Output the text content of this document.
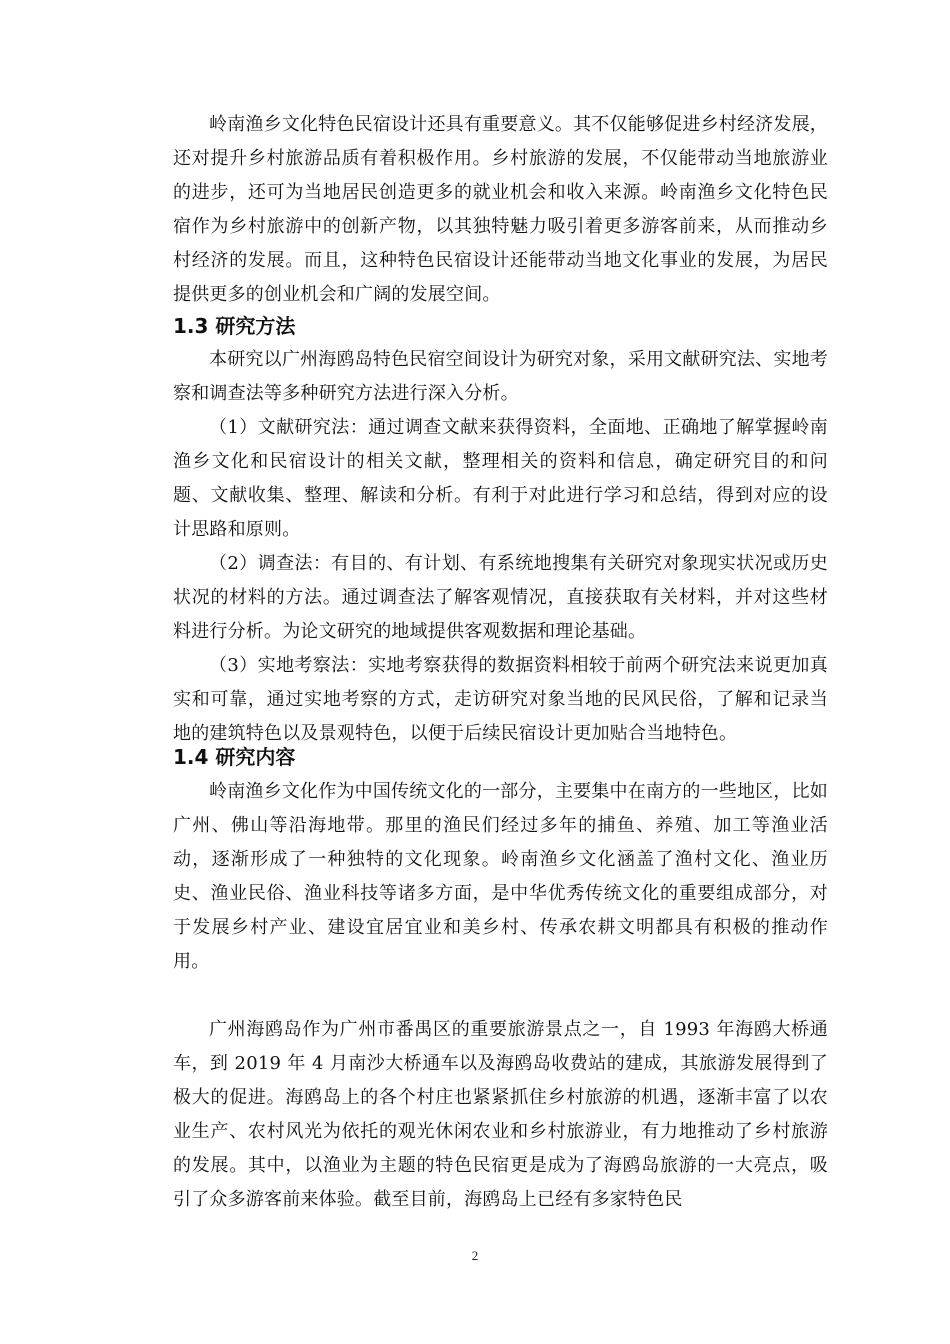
岭南渔乡文化特色民宿设计还具有重要意义。其不仅能够促进乡村经济发展，还对提升乡村旅游品质有着积极作用。乡村旅游的发展，不仅能带动当地旅游业的进步，还可为当地居民创造更多的就业机会和收入来源。岭南渔乡文化特色民宿作为乡村旅游中的创新产物，以其独特魅力吸引着更多游客前来，从而推动乡村经济的发展。而且，这种特色民宿设计还能带动当地文化事业的发展，为居民提供更多的创业机会和广阔的发展空间。

1.3 研究方法

本研究以广州海鸥岛特色民宿空间设计为研究对象，采用文献研究法、实地考察和调查法等多种研究方法进行深入分析。

（1）文献研究法：通过调查文献来获得资料，全面地、正确地了解掌握岭南渔乡文化和民宿设计的相关文献，整理相关的资料和信息，确定研究目的和问题、文献收集、整理、解读和分析。有利于对此进行学习和总结，得到对应的设计思路和原则。

（2）调查法：有目的、有计划、有系统地搜集有关研究对象现实状况或历史状况的材料的方法。通过调查法了解客观情况，直接获取有关材料，并对这些材料进行分析。为论文研究的地域提供客观数据和理论基础。

（3）实地考察法：实地考察获得的数据资料相较于前两个研究法来说更加真实和可靠，通过实地考察的方式，走访研究对象当地的民风民俗，了解和记录当地的建筑特色以及景观特色，以便于后续民宿设计更加贴合当地特色。

1.4 研究内容

岭南渔乡文化作为中国传统文化的一部分，主要集中在南方的一些地区，比如广州、佛山等沿海地带。那里的渔民们经过多年的捕鱼、养殖、加工等渔业活动，逐渐形成了一种独特的文化现象。岭南渔乡文化涵盖了渔村文化、渔业历史、渔业民俗、渔业科技等诸多方面，是中华优秀传统文化的重要组成部分，对于发展乡村产业、建设宜居宜业和美乡村、传承农耕文明都具有积极的推动作用。

广州海鸥岛作为广州市番禺区的重要旅游景点之一，自 1993 年海鸥大桥通车，到 2019 年 4 月南沙大桥通车以及海鸥岛收费站的建成，其旅游发展得到了极大的促进。海鸥岛上的各个村庄也紧紧抓住乡村旅游的机遇，逐渐丰富了以农业生产、农村风光为依托的观光休闲农业和乡村旅游业，有力地推动了乡村旅游的发展。其中，以渔业为主题的特色民宿更是成为了海鸥岛旅游的一大亮点，吸引了众多游客前来体验。截至目前，海鸥岛上已经有多家特色民

2
